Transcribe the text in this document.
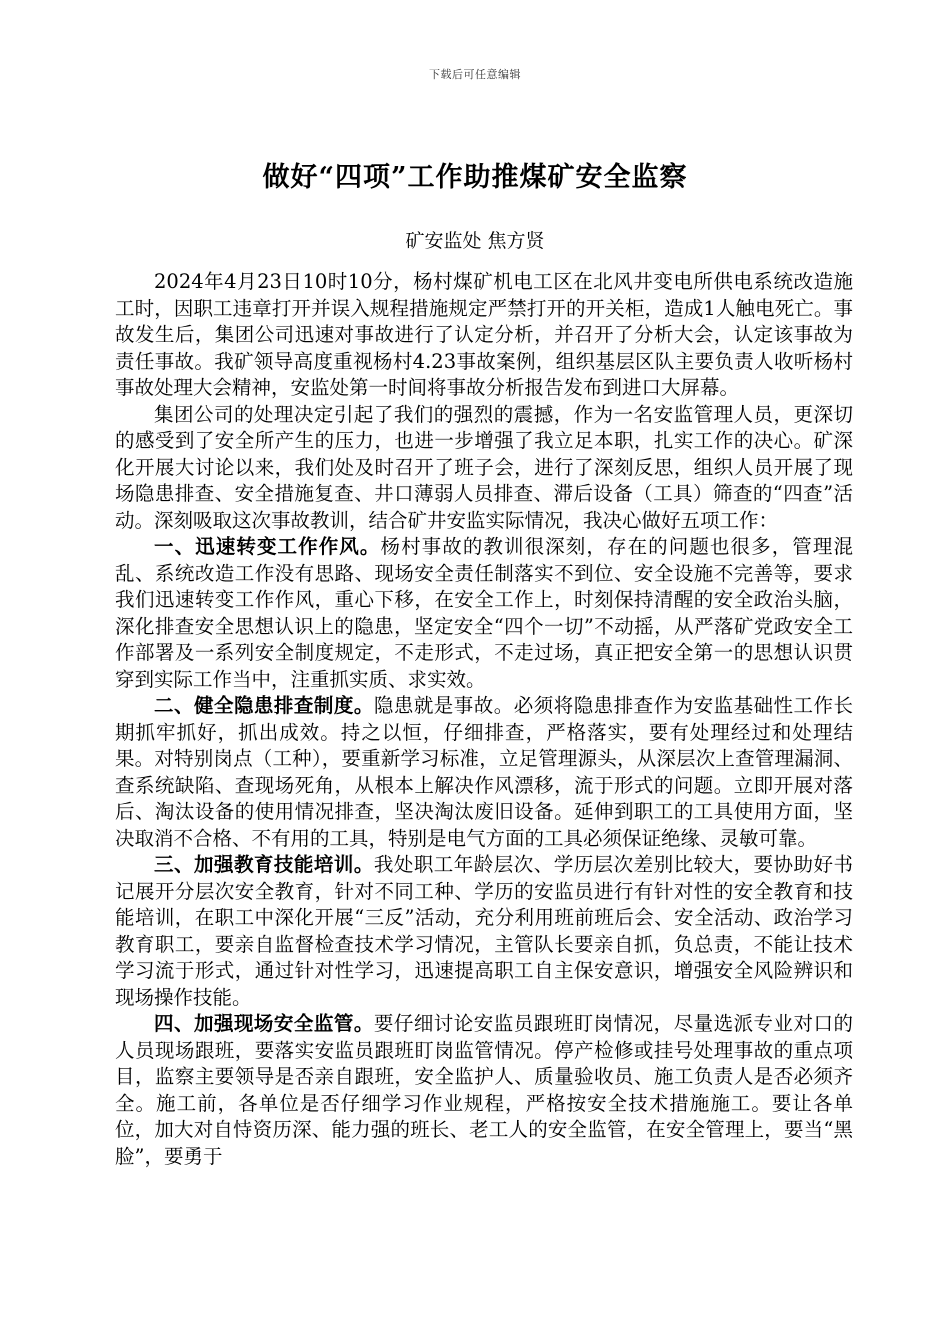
下载后可任意编辑
做好“四项”工作助推煤矿安全监察
矿安监处 焦方贤

2024年4月23日10时10分，杨村煤矿机电工区在北风井变电所供电系统改造施工时，因职工违章打开并误入规程措施规定严禁打开的开关柜，造成1人触电死亡。事故发生后，集团公司迅速对事故进行了认定分析，并召开了分析大会，认定该事故为责任事故。我矿领导高度重视杨村4.23事故案例，组织基层区队主要负责人收听杨村事故处理大会精神，安监处第一时间将事故分析报告发布到进口大屏幕。

集团公司的处理决定引起了我们的强烈的震撼，作为一名安监管理人员，更深切的感受到了安全所产生的压力，也进一步增强了我立足本职，扎实工作的决心。矿深化开展大讨论以来，我们处及时召开了班子会，进行了深刻反思，组织人员开展了现场隐患排查、安全措施复查、井口薄弱人员排查、滞后设备（工具）筛查的“四查”活动。深刻吸取这次事故教训，结合矿井安监实际情况，我决心做好五项工作：

一、迅速转变工作作风。杨村事故的教训很深刻，存在的问题也很多，管理混乱、系统改造工作没有思路、现场安全责任制落实不到位、安全设施不完善等，要求我们迅速转变工作作风，重心下移，在安全工作上，时刻保持清醒的安全政治头脑，深化排查安全思想认识上的隐患，坚定安全“四个一切”不动摇，从严落矿党政安全工作部署及一系列安全制度规定，不走形式，不走过场，真正把安全第一的思想认识贯穿到实际工作当中，注重抓实质、求实效。

二、健全隐患排查制度。隐患就是事故。必须将隐患排查作为安监基础性工作长期抓牢抓好，抓出成效。持之以恒，仔细排查，严格落实，要有处理经过和处理结果。对特别岗点（工种），要重新学习标准，立足管理源头，从深层次上查管理漏洞、查系统缺陷、查现场死角，从根本上解决作风漂移，流于形式的问题。立即开展对落后、淘汰设备的使用情况排查，坚决淘汰废旧设备。延伸到职工的工具使用方面，坚决取消不合格、不有用的工具，特别是电气方面的工具必须保证绝缘、灵敏可靠。

三、加强教育技能培训。我处职工年龄层次、学历层次差别比较大，要协助好书记展开分层次安全教育，针对不同工种、学历的安监员进行有针对性的安全教育和技能培训，在职工中深化开展“三反”活动，充分利用班前班后会、安全活动、政治学习教育职工，要亲自监督检查技术学习情况，主管队长要亲自抓，负总责，不能让技术学习流于形式，通过针对性学习，迅速提高职工自主保安意识，增强安全风险辨识和现场操作技能。

四、加强现场安全监管。要仔细讨论安监员跟班盯岗情况，尽量选派专业对口的人员现场跟班，要落实安监员跟班盯岗监管情况。停产检修或挂号处理事故的重点项目，监察主要领导是否亲自跟班，安全监护人、质量验收员、施工负责人是否必须齐全。施工前，各单位是否仔细学习作业规程，严格按安全技术措施施工。要让各单位，加大对自恃资历深、能力强的班长、老工人的安全监管，在安全管理上，要当“黑脸”，要勇于
